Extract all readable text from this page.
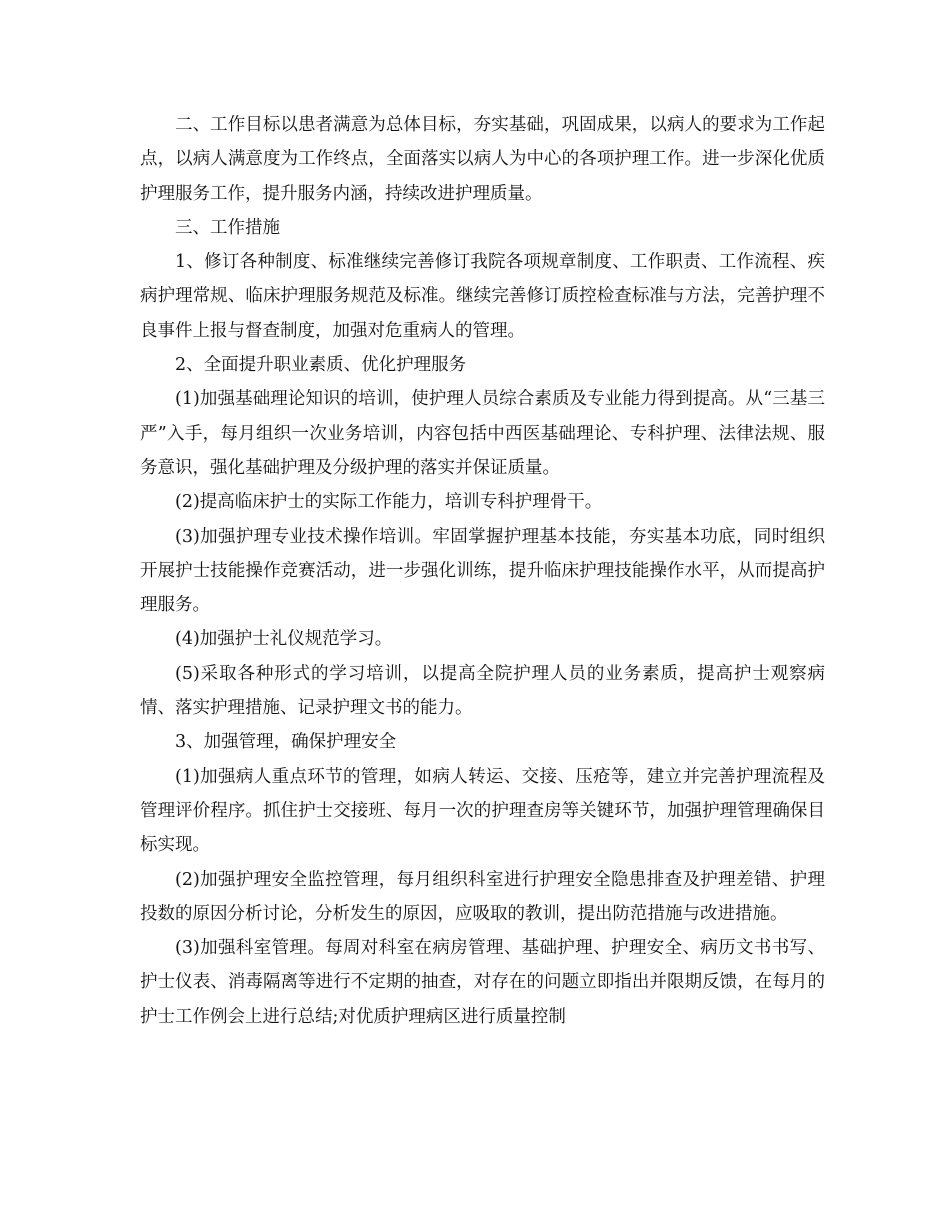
二、工作目标以患者满意为总体目标，夯实基础，巩固成果，以病人的要求为工作起点，以病人满意度为工作终点，全面落实以病人为中心的各项护理工作。进一步深化优质护理服务工作，提升服务内涵，持续改进护理质量。

三、工作措施

1、修订各种制度、标准继续完善修订我院各项规章制度、工作职责、工作流程、疾病护理常规、临床护理服务规范及标准。继续完善修订质控检查标准与方法，完善护理不良事件上报与督查制度，加强对危重病人的管理。

2、全面提升职业素质、优化护理服务

(1)加强基础理论知识的培训，使护理人员综合素质及专业能力得到提高。从“三基三严”入手，每月组织一次业务培训，内容包括中西医基础理论、专科护理、法律法规、服务意识，强化基础护理及分级护理的落实并保证质量。

(2)提高临床护士的实际工作能力，培训专科护理骨干。

(3)加强护理专业技术操作培训。牢固掌握护理基本技能，夯实基本功底，同时组织开展护士技能操作竞赛活动，进一步强化训练，提升临床护理技能操作水平，从而提高护理服务。

(4)加强护士礼仪规范学习。

(5)采取各种形式的学习培训，以提高全院护理人员的业务素质，提高护士观察病情、落实护理措施、记录护理文书的能力。

3、加强管理，确保护理安全

(1)加强病人重点环节的管理，如病人转运、交接、压疮等，建立并完善护理流程及管理评价程序。抓住护士交接班、每月一次的护理查房等关键环节，加强护理管理确保目标实现。

(2)加强护理安全监控管理，每月组织科室进行护理安全隐患排查及护理差错、护理投数的原因分析讨论，分析发生的原因，应吸取的教训，提出防范措施与改进措施。

(3)加强科室管理。每周对科室在病房管理、基础护理、护理安全、病历文书书写、护士仪表、消毒隔离等进行不定期的抽查，对存在的问题立即指出并限期反馈，在每月的护士工作例会上进行总结;对优质护理病区进行质量控制
